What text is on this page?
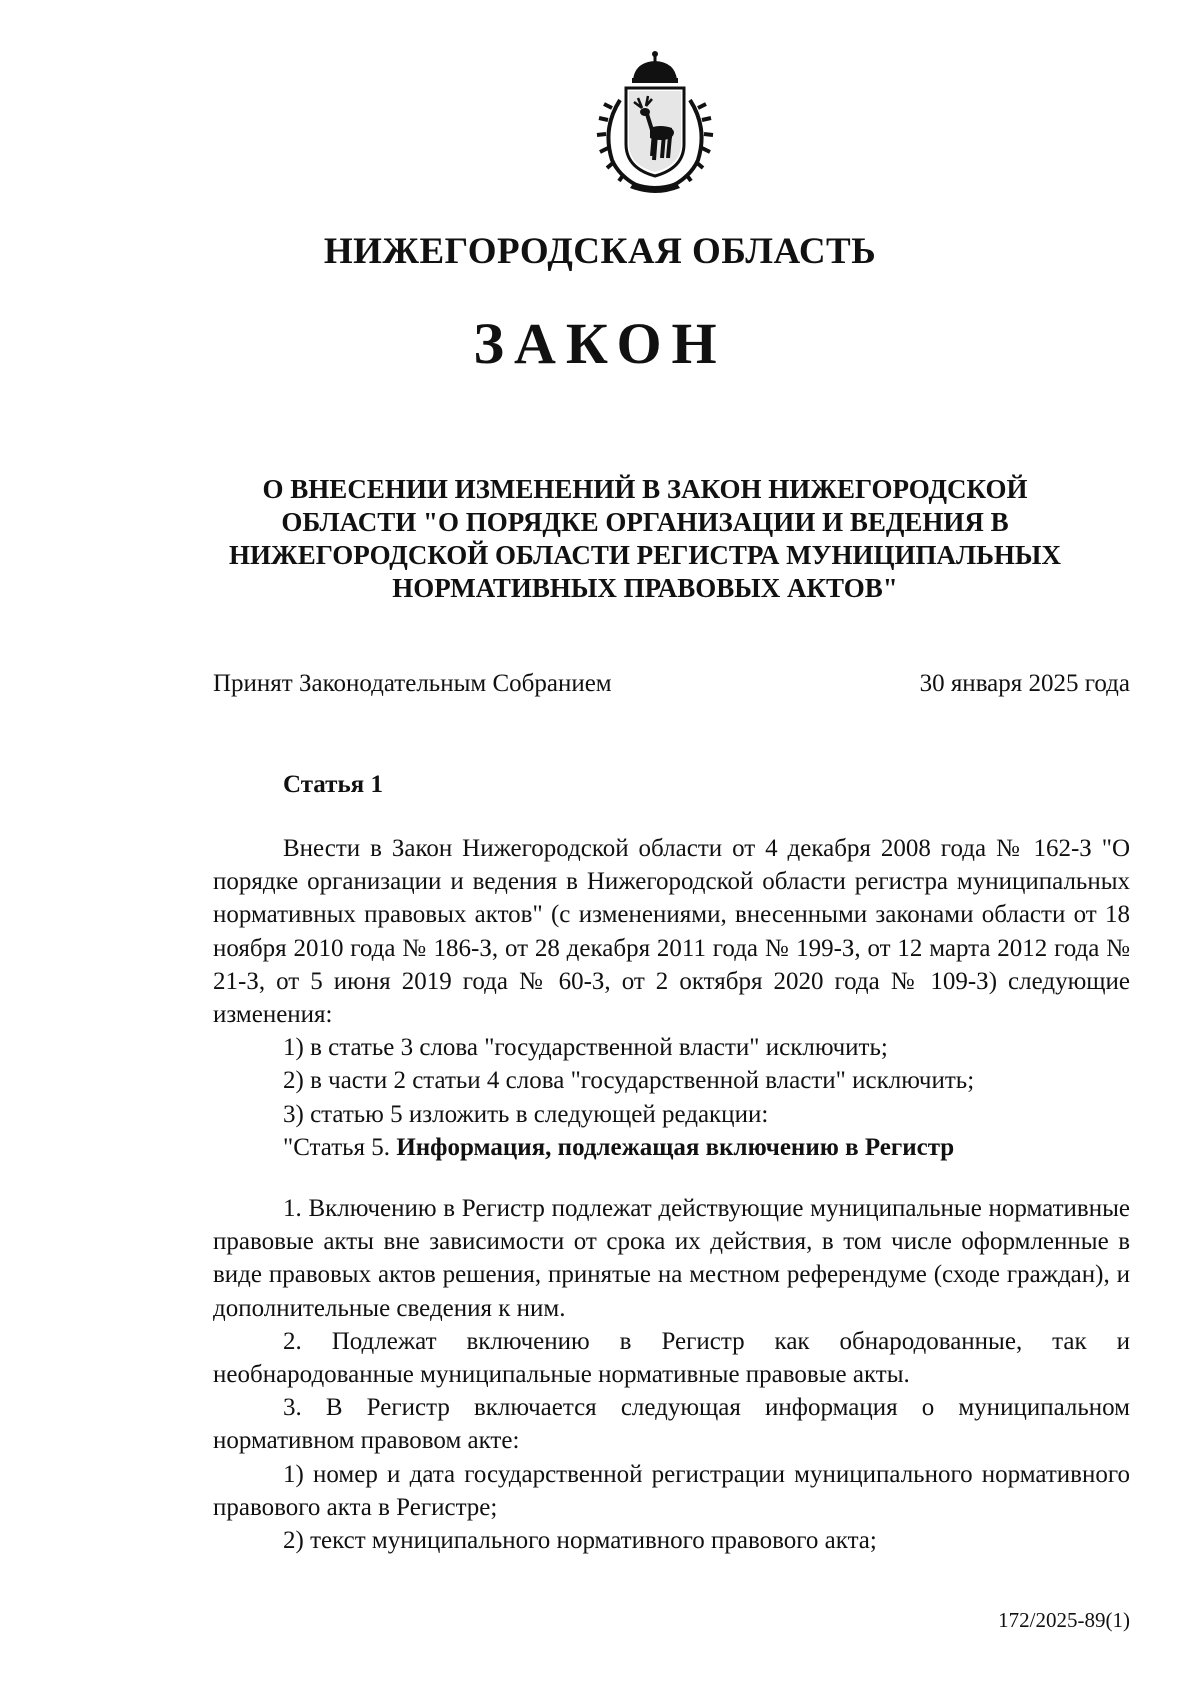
НИЖЕГОРОДСКАЯ ОБЛАСТЬ
ЗАКОН
О ВНЕСЕНИИ ИЗМЕНЕНИЙ В ЗАКОН НИЖЕГОРОДСКОЙ
ОБЛАСТИ "О ПОРЯДКЕ ОРГАНИЗАЦИИ И ВЕДЕНИЯ В
НИЖЕГОРОДСКОЙ ОБЛАСТИ РЕГИСТРА МУНИЦИПАЛЬНЫХ
НОРМАТИВНЫХ ПРАВОВЫХ АКТОВ"
Принят Законодательным Собранием	30 января 2025 года
Статья 1

Внести в Закон Нижегородской области от 4 декабря 2008 года № 162-З "О порядке организации и ведения в Нижегородской области регистра муниципальных нормативных правовых актов" (с изменениями, внесенными законами области от 18 ноября 2010 года № 186-З, от 28 декабря 2011 года № 199-З, от 12 марта 2012 года № 21-З, от 5 июня 2019 года № 60-З, от 2 октября 2020 года № 109-З) следующие изменения:

1) в статье 3 слова "государственной власти" исключить;

2) в части 2 статьи 4 слова "государственной власти" исключить;

3) статью 5 изложить в следующей редакции:

"Статья 5. Информация, подлежащая включению в Регистр

1. Включению в Регистр подлежат действующие муниципальные нормативные правовые акты вне зависимости от срока их действия, в том числе оформленные в виде правовых актов решения, принятые на местном референдуме (сходе граждан), и дополнительные сведения к ним.

2. Подлежат включению в Регистр как обнародованные, так и необнародованные муниципальные нормативные правовые акты.

3. В Регистр включается следующая информация о муниципальном нормативном правовом акте:

1) номер и дата государственной регистрации муниципального нормативного правового акта в Регистре;

2) текст муниципального нормативного правового акта;

172/2025-89(1)
